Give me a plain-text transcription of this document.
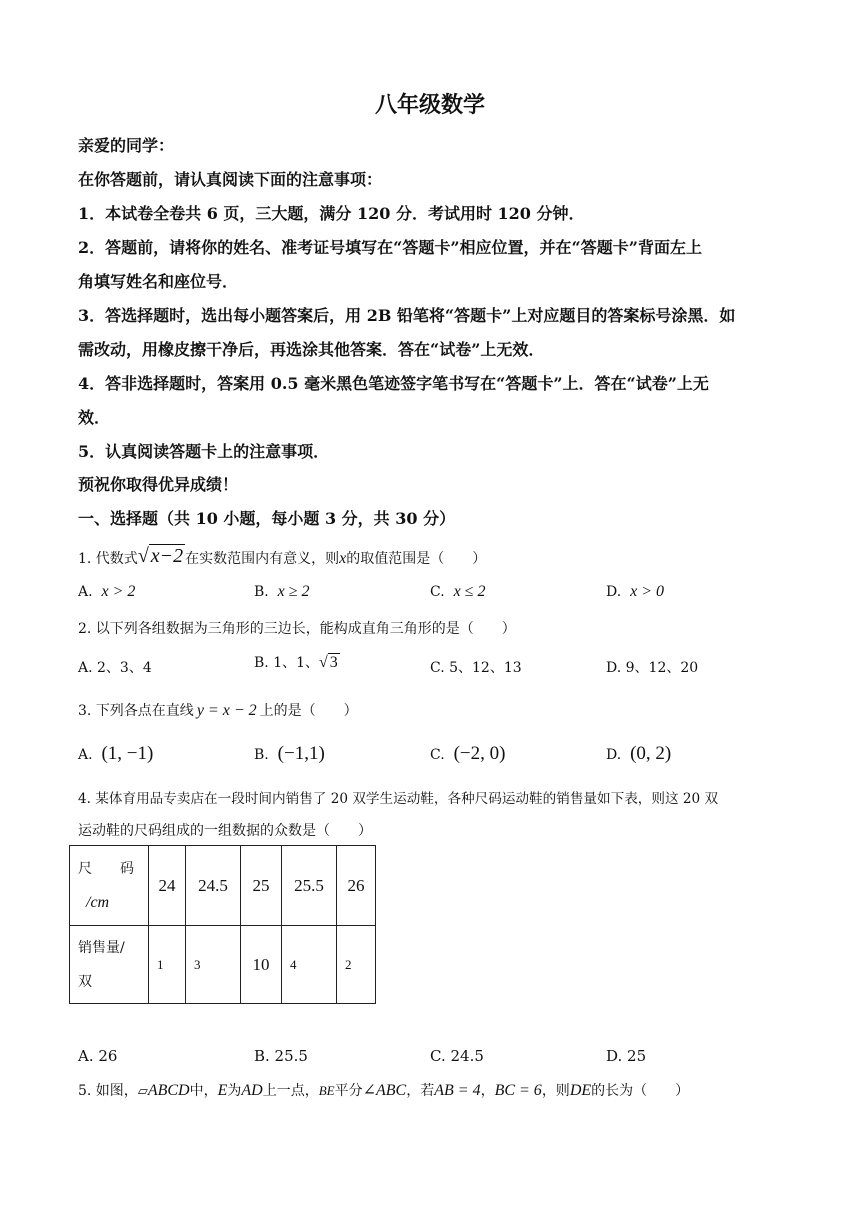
八年级数学
亲爱的同学：
在你答题前，请认真阅读下面的注意事项：
1．本试卷全卷共 6 页，三大题，满分 120 分．考试用时 120 分钟．
2．答题前，请将你的姓名、准考证号填写在“答题卡”相应位置，并在“答题卡”背面左上
角填写姓名和座位号．
3．答选择题时，选出每小题答案后，用 2B 铅笔将“答题卡”上对应题目的答案标号涂黑．如
需改动，用橡皮擦干净后，再选涂其他答案．答在“试卷”上无效．
4．答非选择题时，答案用 0.5 毫米黑色笔迹签字笔书写在“答题卡”上．答在“试卷”上无
效．
5．认真阅读答题卡上的注意事项．
预祝你取得优异成绩！
一、选择题（共 10 小题，每小题 3 分，共 30 分）
1. 代数式 √ x−2 在实数范围内有意义，则 x 的取值范围是（　　）
A. x > 2	B. x ≥ 2	C. x ≤ 2	D. x > 0
2. 以下列各组数据为三角形的三边长，能构成直角三角形的是（　　）
A. 2、3、4	B. 1、1、 √ 3	C. 5、12、13	D. 9、12、20
3. 下列各点在直线 y = x − 2 上的是（　　）
A.
(1, −1)	B.
(−1,1)	C.
(−2, 0)	D.
(0, 2)
4. 某体育用品专卖店在一段时间内销售了 20 双学生运动鞋，各种尺码运动鞋的销售量如下表，则这 20 双
运动鞋的尺码组成的一组数据的众数是（　　）
尺　　码
/cm	24	24.5	25	25.5	26

销售量/
双	1	3	10	4	2
A. 26	B. 25.5	C. 24.5	D. 25
5. 如图， ▱ ABCD 中， E 为 AD 上一点， BE 平分 ∠ABC ，若 AB = 4 ， BC = 6 ，则 DE 的长为（　　）
